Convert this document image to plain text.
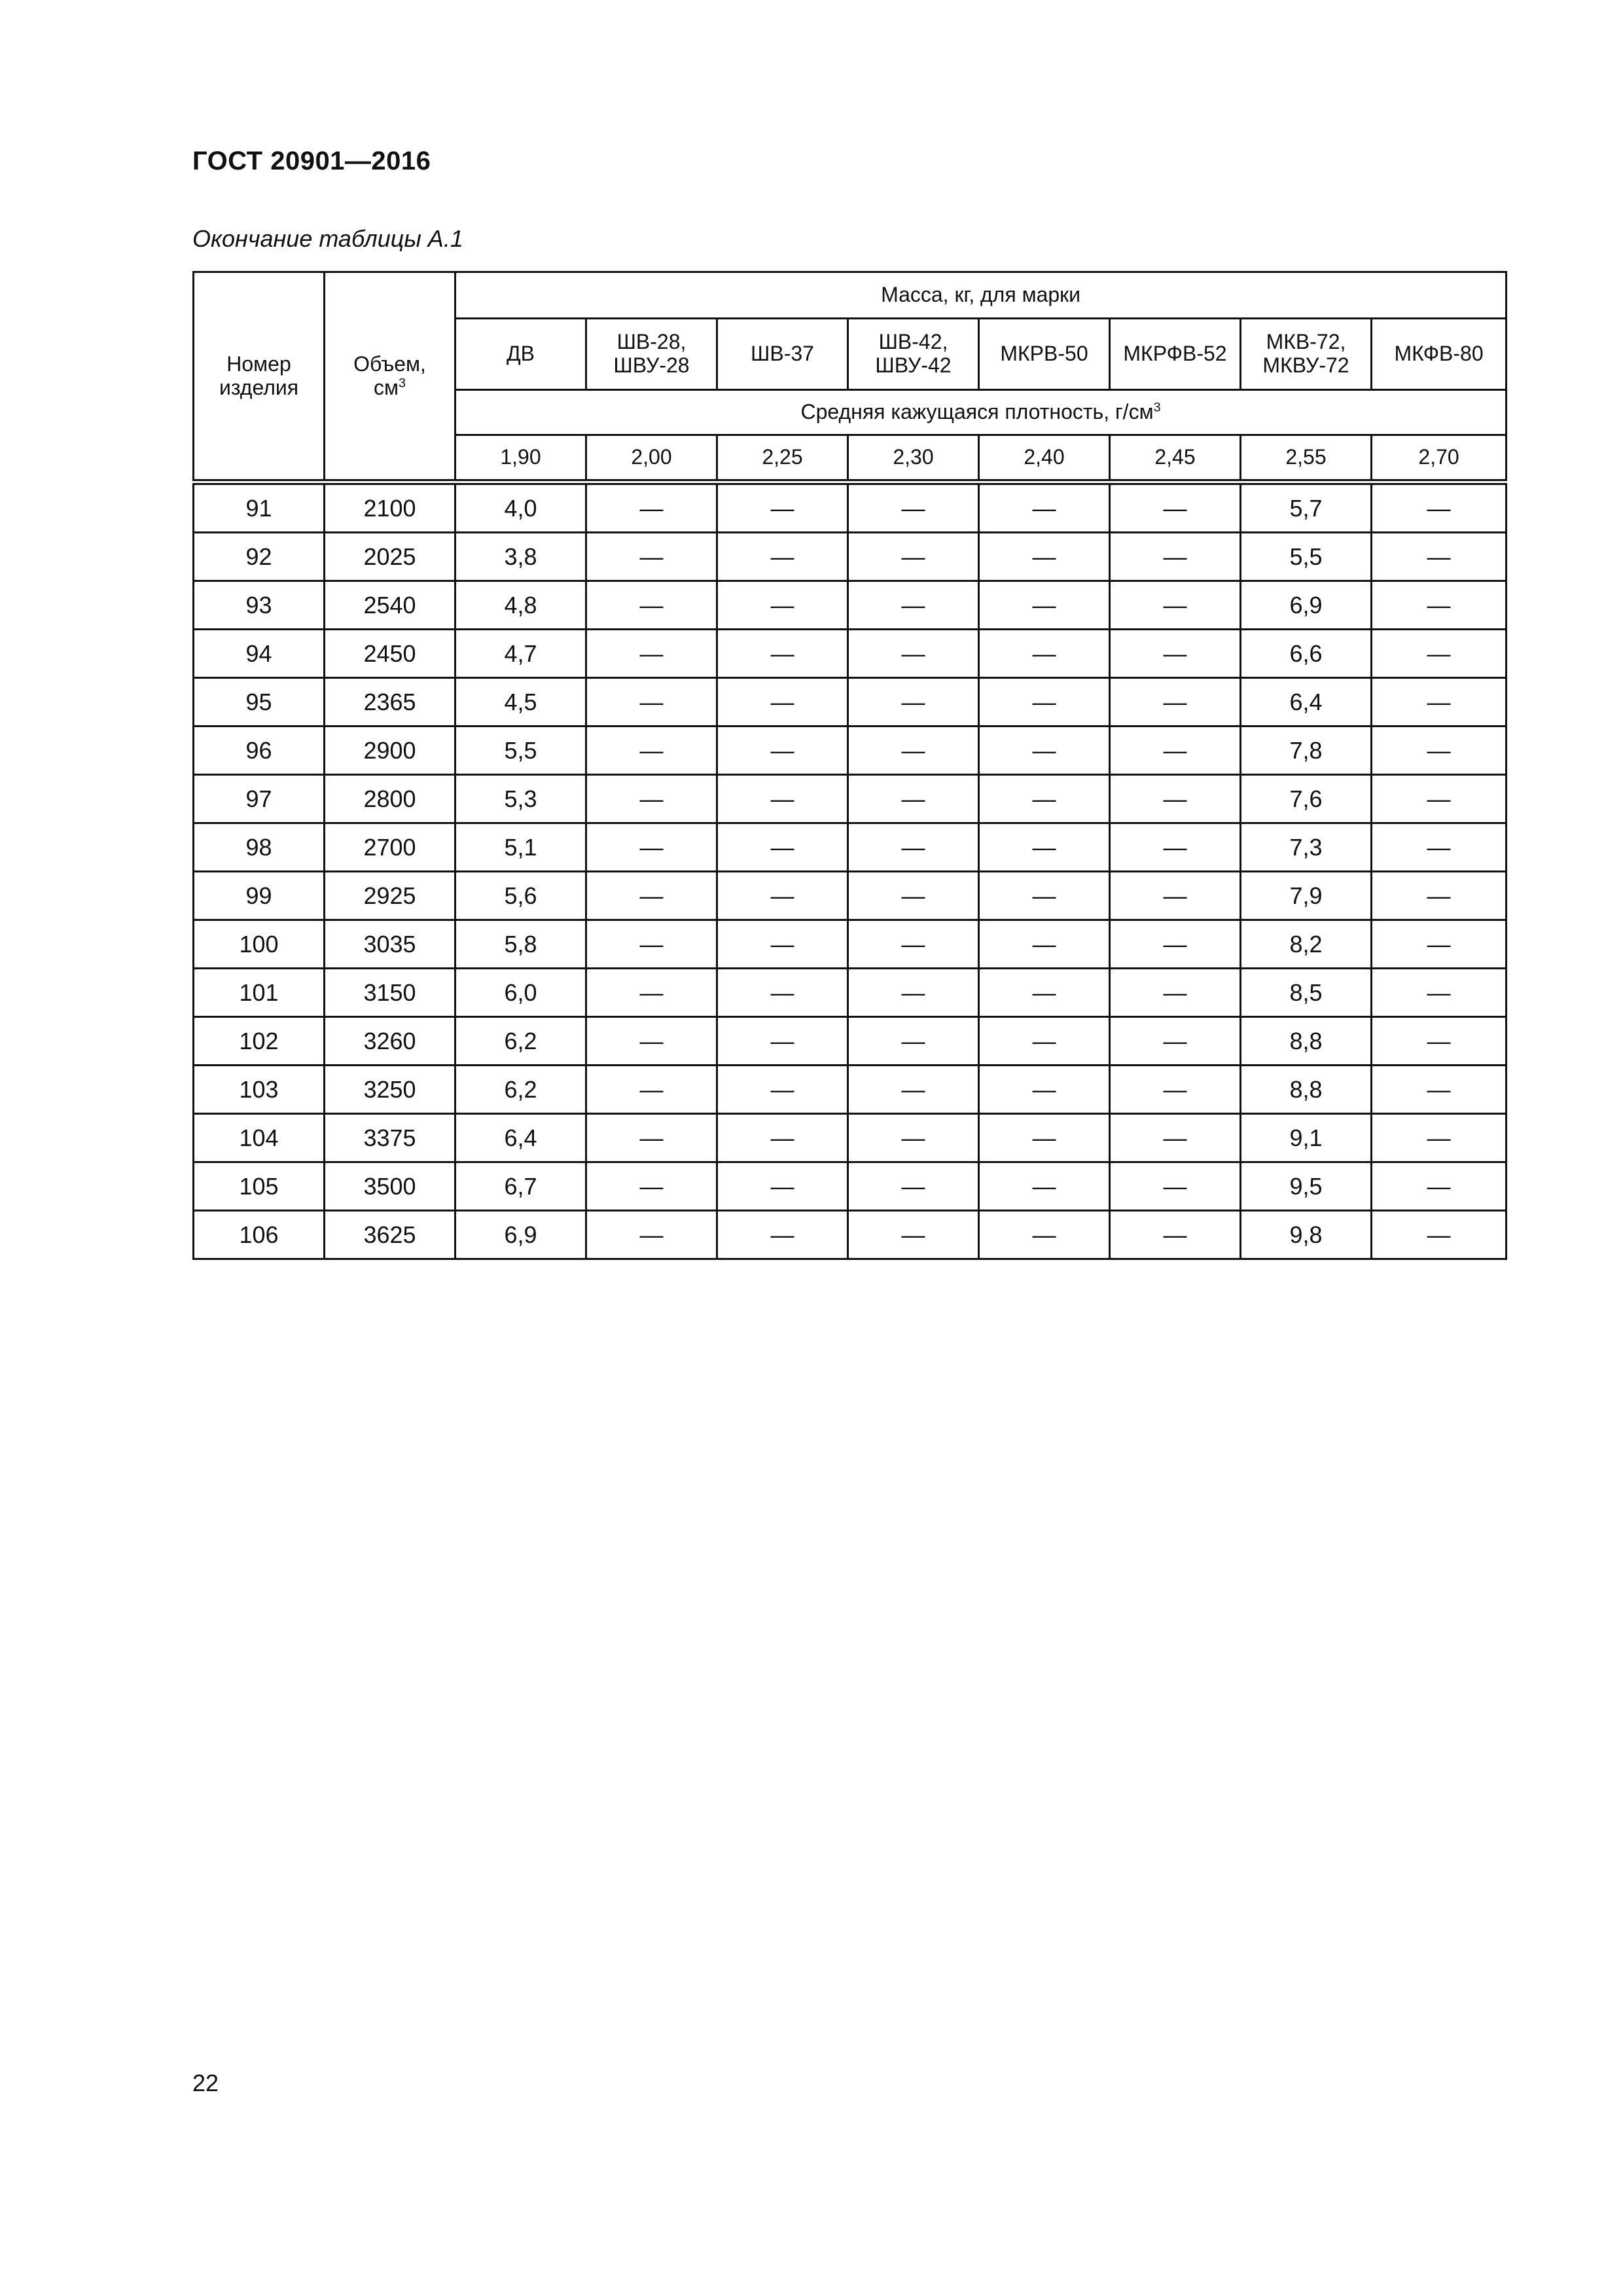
ГОСТ 20901—2016
Окончание таблицы А.1
Номер
изделия	Объем,
$см^3$	Масса, кг, для марки							

		ДВ	ШВ-28,
ШВУ-28	ШВ-37	ШВ-42,
ШВУ-42	МКРВ-50	МКРФВ-52	МКВ-72,
МКВУ-72	МКФВ-80

		Средняя кажущаяся плотность, $г/см^3$
		1,90	2,00	2,25	2,30	2,40	2,45	2,55	2,70
91	2100	4,0	—	—	—	—	—	5,7	—
92	2025	3,8	—	—	—	—	—	5,5	—
93	2540	4,8	—	—	—	—	—	6,9	—
94	2450	4,7	—	—	—	—	—	6,6	—
95	2365	4,5	—	—	—	—	—	6,4	—
96	2900	5,5	—	—	—	—	—	7,8	—
97	2800	5,3	—	—	—	—	—	7,6	—
98	2700	5,1	—	—	—	—	—	7,3	—
99	2925	5,6	—	—	—	—	—	7,9	—
100	3035	5,8	—	—	—	—	—	8,2	—
101	3150	6,0	—	—	—	—	—	8,5	—
102	3260	6,2	—	—	—	—	—	8,8	—
103	3250	6,2	—	—	—	—	—	8,8	—
104	3375	6,4	—	—	—	—	—	9,1	—
105	3500	6,7	—	—	—	—	—	9,5	—
106	3625	6,9	—	—	—	—	—	9,8	—
22
